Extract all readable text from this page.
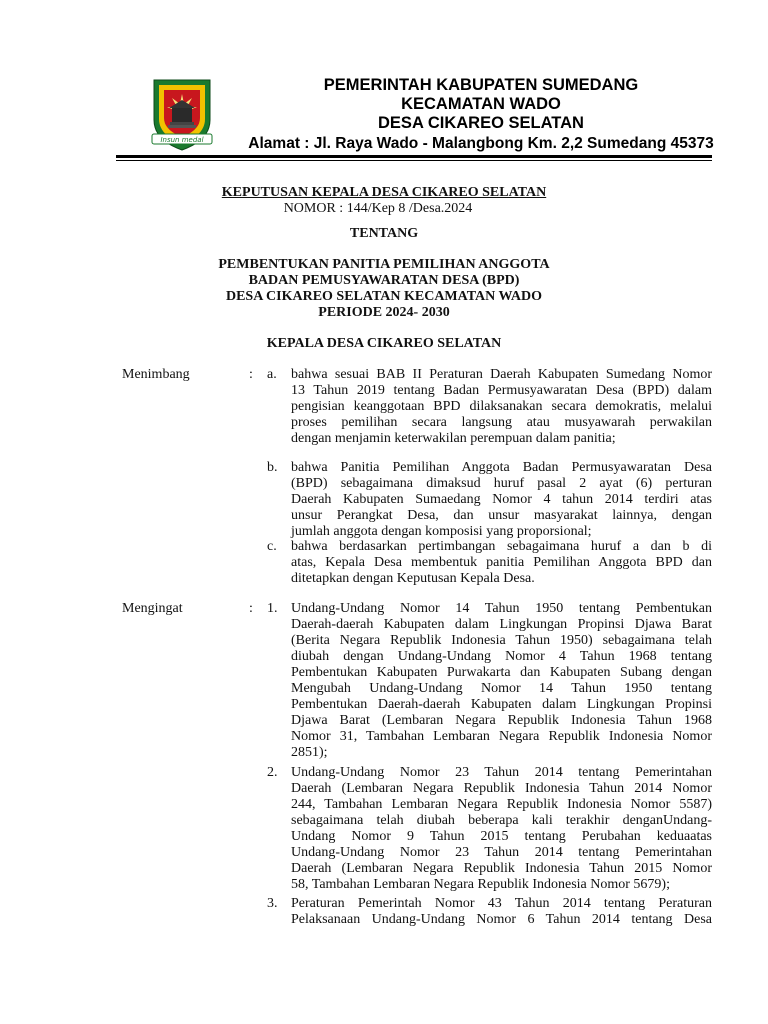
Insun medal
PEMERINTAH KABUPATEN SUMEDANG
KECAMATAN WADO
DESA CIKAREO SELATAN
Alamat : Jl. Raya Wado - Malangbong Km. 2,2 Sumedang 45373
KEPUTUSAN KEPALA DESA CIKAREO SELATAN
NOMOR : 144/Kep 8 /Desa.2024
TENTANG
PEMBENTUKAN PANITIA PEMILIHAN ANGGOTA
BADAN PEMUSYAWARATAN DESA (BPD)
DESA CIKAREO SELATAN KECAMATAN WADO
PERIODE 2024- 2030
KEPALA DESA CIKAREO SELATAN
Menimbang	: a. bahwa sesuai BAB II Peraturan Daerah Kabupaten Sumedang Nomor
13 Tahun 2019 tentang Badan Permusyawaratan Desa (BPD) dalam
pengisian keanggotaan BPD dilaksanakan secara demokratis, melalui
proses pemilihan secara langsung atau musyawarah perwakilan
dengan menjamin keterwakilan perempuan dalam panitia;
b. bahwa Panitia Pemilihan Anggota Badan Permusyawaratan Desa
(BPD) sebagaimana dimaksud huruf pasal 2 ayat (6) perturan
Daerah Kabupaten Sumaedang Nomor 4 tahun 2014 terdiri atas
unsur Perangkat Desa, dan unsur masyarakat lainnya, dengan
jumlah anggota dengan komposisi yang proporsional;
c. bahwa berdasarkan pertimbangan sebagaimana huruf a dan b di
atas, Kepala Desa membentuk panitia Pemilihan Anggota BPD dan
ditetapkan dengan Keputusan Kepala Desa.
Mengingat	: 1. Undang-Undang Nomor 14 Tahun 1950 tentang Pembentukan
Daerah-daerah Kabupaten dalam Lingkungan Propinsi Djawa Barat
(Berita Negara Republik Indonesia Tahun 1950) sebagaimana telah
diubah dengan Undang-Undang Nomor 4 Tahun 1968 tentang
Pembentukan Kabupaten Purwakarta dan Kabupaten Subang dengan
Mengubah Undang-Undang Nomor 14 Tahun 1950 tentang
Pembentukan Daerah-daerah Kabupaten dalam Lingkungan Propinsi
Djawa Barat (Lembaran Negara Republik Indonesia Tahun 1968
Nomor 31, Tambahan Lembaran Negara Republik Indonesia Nomor
2851);
2. Undang-Undang Nomor 23 Tahun 2014 tentang Pemerintahan
Daerah (Lembaran Negara Republik Indonesia Tahun 2014 Nomor
244, Tambahan Lembaran Negara Republik Indonesia Nomor 5587)
sebagaimana telah diubah beberapa kali terakhir denganUndang-
Undang Nomor 9 Tahun 2015 tentang Perubahan keduaatas
Undang-Undang Nomor 23 Tahun 2014 tentang Pemerintahan
Daerah (Lembaran Negara Republik Indonesia Tahun 2015 Nomor
58, Tambahan Lembaran Negara Republik Indonesia Nomor 5679);
3. Peraturan Pemerintah Nomor 43 Tahun 2014 tentang Peraturan
Pelaksanaan Undang-Undang Nomor 6 Tahun 2014 tentang Desa
